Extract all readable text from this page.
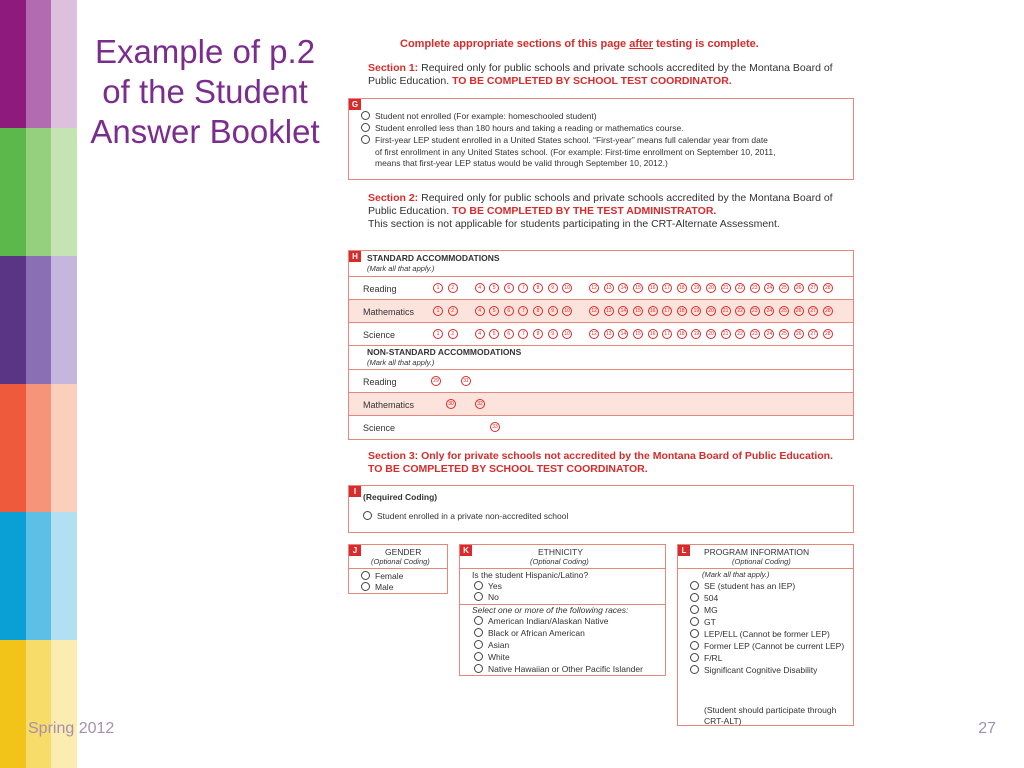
Example of p.2 of the Student Answer Booklet
Complete appropriate sections of this page after testing is complete.
Section 1: Required only for public schools and private schools accredited by the Montana Board of Public Education. TO BE COMPLETED BY SCHOOL TEST COORDINATOR.
G
Student not enrolled (For example: homeschooled student)
Student enrolled less than 180 hours and taking a reading or mathematics course.
First-year LEP student enrolled in a United States school. “First-year” means full calendar year from date
of first enrollment in any United States school. (For example: First-time enrollment on September 10, 2011,
means that first-year LEP status would be valid through September 10, 2012.)
Section 2: Required only for public schools and private schools accredited by the Montana Board of Public Education. TO BE COMPLETED BY THE TEST ADMINISTRATOR.
This section is not applicable for students participating in the CRT-Alternate Assessment.
H	STANDARD ACCOMMODATIONS
(Mark all that apply.)
Reading	1	2	4	5	6	7	8	9	10	12	13	14	15	16	17	18	19	20	21	22	23	24	25	26	27	28
Mathematics	1	2	4	5	6	7	8	9	10	12	13	14	15	16	17	18	19	20	21	22	23	24	25	26	27	28
Science	1	2	4	5	6	7	8	9	10	12	13	14	15	16	17	18	19	20	21	22	23	24	25	26	27	28
NON-STANDARD ACCOMMODATIONS
(Mark all that apply.)
Reading	29	31
Mathematics	30	32
Science	33
Section 3: Only for private schools not accredited by the Montana Board of Public Education. TO BE COMPLETED BY SCHOOL TEST COORDINATOR.
I
(Required Coding)
Student enrolled in a private non-accredited school
J	GENDER
(Optional Coding)
Female
Male
K	ETHNICITY
(Optional Coding)
Is the student Hispanic/Latino?
Yes
No
Select one or more of the following races:
American Indian/Alaskan Native
Black or African American
Asian
White
Native Hawaiian or Other Pacific Islander
L	PROGRAM INFORMATION
(Optional Coding)
(Mark all that apply.)
SE (student has an IEP)
504
MG
GT
LEP/ELL (Cannot be former LEP)
Former LEP (Cannot be current LEP)
F/RL
Significant Cognitive Disability
(Student should participate through
CRT-ALT)
Spring 2012	27
